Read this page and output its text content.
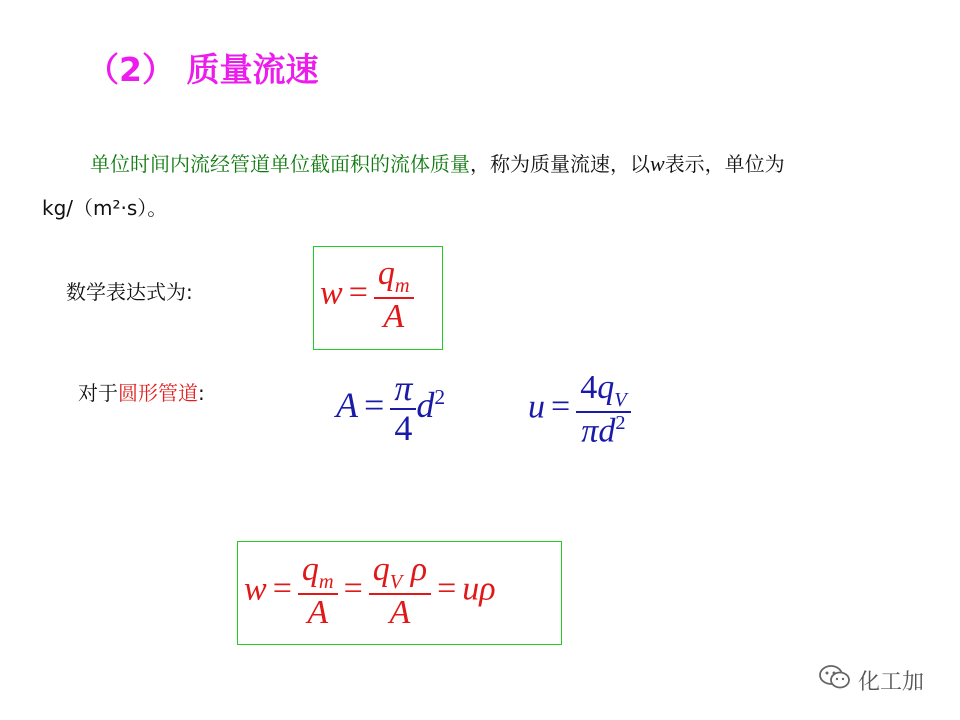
（2） 质量流速
单位时间内流经管道单位截面积的流体质量，称为质量流速，以w表示，单位为
kg/（m²·s）。
数学表达式为:	$w = \frac{q_m}{A}$
对于圆形管道:	$A = \frac{\pi}{4} d^2$ $u = \frac{4q_V}{\pi d^2}$
$w = \frac{q_m}{A} = \frac{q_V \rho}{A} = u\rho$
化工加
